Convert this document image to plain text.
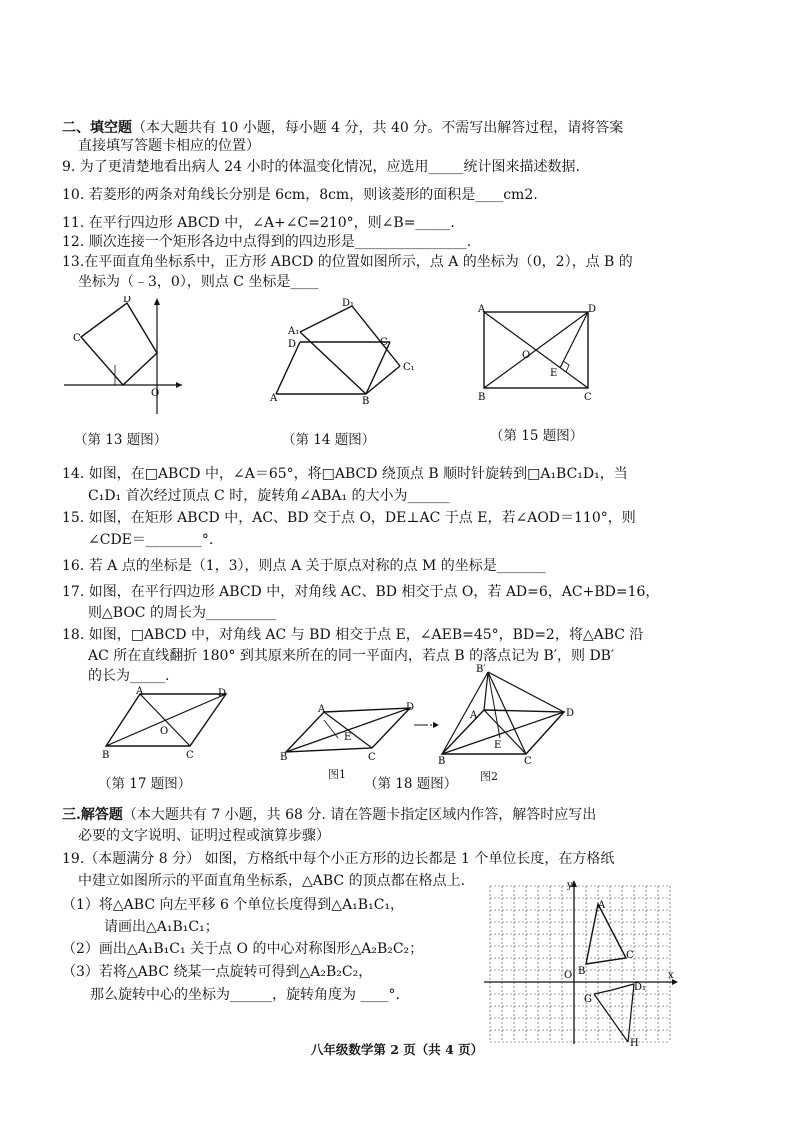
二、填空题（本大题共有 10 小题，每小题 4 分，共 40 分。不需写出解答过程，请将答案
直接填写答题卡相应的位置）
9. 为了更清楚地看出病人 24 小时的体温变化情况，应选用_____统计图来描述数据.
10. 若菱形的两条对角线长分别是 6cm，8cm，则该菱形的面积是____cm2.
11. 在平行四边形 ABCD 中，∠A+∠C=210°，则∠B=_____.
12. 顺次连接一个矩形各边中点得到的四边形是________________.
13.在平面直角坐标系中，正方形 ABCD 的位置如图所示，点 A 的坐标为（0，2），点 B 的
坐标为（﹣3，0），则点 C 坐标是____
D
C
O
A₁
D
D₁
C
C₁
A	B
A	D
B	C
O
E
（第 13 题图）	（第 14 题图）	（第 15 题图）
14. 如图，在□ABCD 中，∠A＝65°，将□ABCD 绕顶点 B 顺时针旋转到□A₁BC₁D₁，当
C₁D₁ 首次经过顶点 C 时，旋转角∠ABA₁ 的大小为______
15. 如图，在矩形 ABCD 中，AC、BD 交于点 O，DE⊥AC 于点 E，若∠AOD＝110°，则
∠CDE＝________°.
16. 若 A 点的坐标是（1，3），则点 A 关于原点对称的点 M 的坐标是_______
17. 如图，在平行四边形 ABCD 中，对角线 AC、BD 相交于点 O，若 AD=6，AC+BD=16，
则△BOC 的周长为__________
18. 如图，□ABCD 中，对角线 AC 与 BD 相交于点 E，∠AEB=45°，BD=2，将△ABC 沿
AC 所在直线翻折 180° 到其原来所在的同一平面内，若点 B 的落点记为 B′，则 DB′
的长为_____.
A	D
B	C
O
（第 17 题图）
A	D
B	C
E
B′
A	D
B	C
E
图1
（第 18 题图） 图2
三.解答题（本大题共有 7 小题，共 68 分. 请在答题卡指定区域内作答，解答时应写出
必要的文字说明、证明过程或演算步骤）
19.（本题满分 8 分） 如图，方格纸中每个小正方形的边长都是 1 个单位长度，在方格纸
中建立如图所示的平面直角坐标系，△ABC 的顶点都在格点上.
（1）将△ABC 向左平移 6 个单位长度得到△A₁B₁C₁，
请画出△A₁B₁C₁；
（2）画出△A₁B₁C₁ 关于点 O 的中心对称图形△A₂B₂C₂；
（3）若将△ABC 绕某一点旋转可得到△A₂B₂C₂，
那么旋转中心的坐标为______，旋转角度为 ____°.
y
x
O
A
B
C
G
D₁
H
八年级数学第 2 页（共 4 页）
